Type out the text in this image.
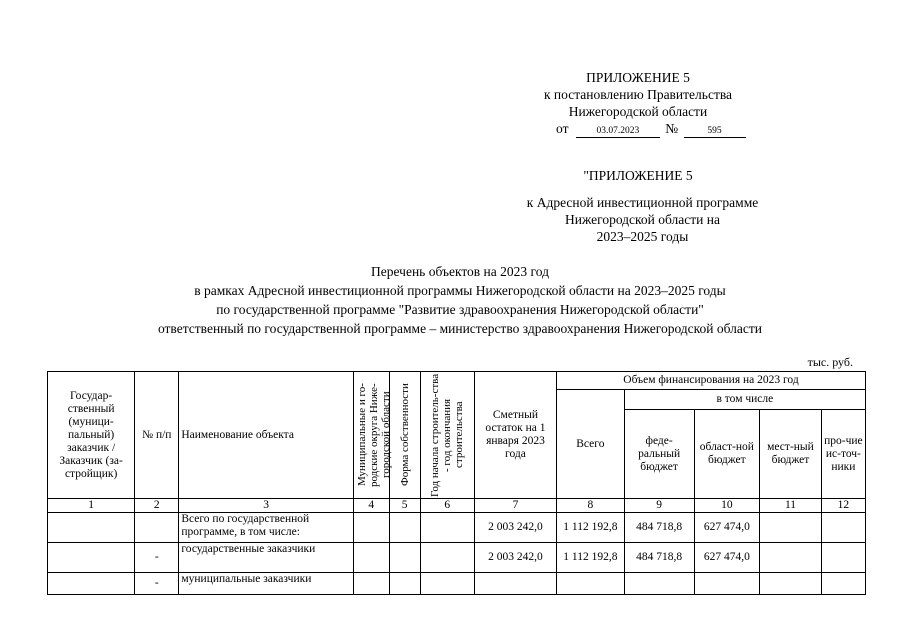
ПРИЛОЖЕНИЕ 5
к постановлению Правительства
Нижегородской области
от	03.07.2023 №	595
"ПРИЛОЖЕНИЕ 5
к Адресной инвестиционной программе
Нижегородской области на
2023–2025 годы
Перечень объектов на 2023 год
в рамках Адресной инвестиционной программы Нижегородской области на 2023–2025 годы
по государственной программе "Развитие здравоохранения Нижегородской области"
ответственный по государственной программе – министерство здравоохранения Нижегородской области
тыс. руб.
Государ-ственный (муници-пальный) заказчик / Заказчик (за-стройщик)	№ п/п	Наименование объекта	Муниципальные и го-родские округа Ниже-городской области	Форма собственности	Год начала строитель-ства - год окончания строительства	Сметный остаток на 1 января 2023 года	Объем финансирования на 2023 год				
							Всего	в том числе			
								феде-ральный бюджет	област-ной бюджет	мест-ный бюджет	про-чие ис-точ-ники
1	2	3	4	5	6	7	8	9	10	11	12
		Всего по государственной программе, в том числе:				2 003 242,0	1 112 192,8	484 718,8	627 474,0		
	-	государственные заказчики				2 003 242,0	1 112 192,8	484 718,8	627 474,0		
	-	муниципальные заказчики									
